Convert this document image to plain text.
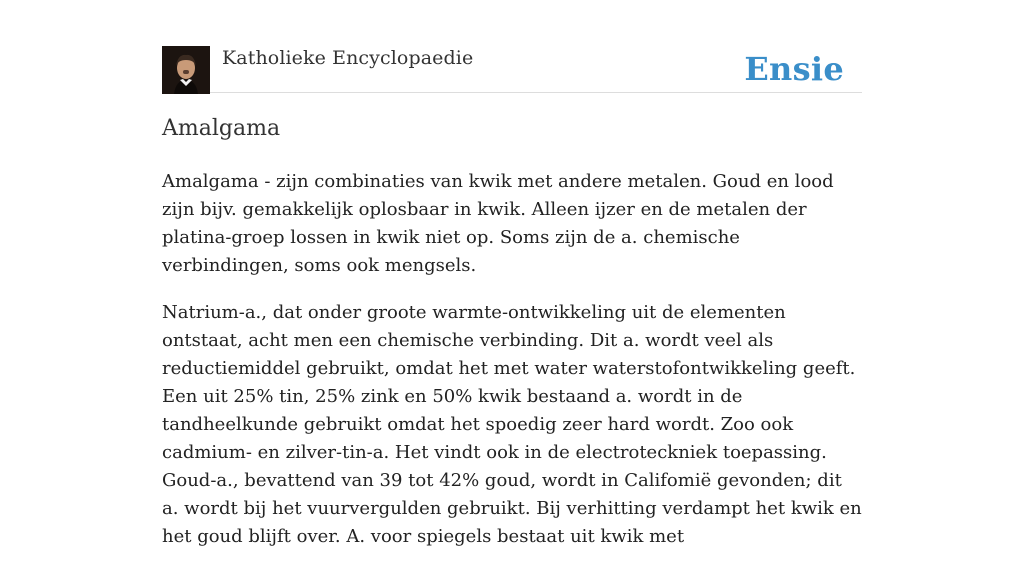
Katholieke Encyclopaedie	Ensie
Amalgama

Amalgama - zijn combinaties van kwik met andere metalen. Goud en lood zijn bijv. gemakkelijk oplosbaar in kwik. Alleen ijzer en de metalen der platina-groep lossen in kwik niet op. Soms zijn de a. chemische verbindingen, soms ook mengsels.

Natrium-a., dat onder groote warmte-ontwikkeling uit de elementen ontstaat, acht men een chemische verbinding. Dit a. wordt veel als reductiemiddel gebruikt, omdat het met water waterstofontwikkeling geeft. Een uit 25% tin, 25% zink en 50% kwik bestaand a. wordt in de tandheelkunde gebruikt omdat het spoedig zeer hard wordt. Zoo ook cadmium- en zilver-tin-a. Het vindt ook in de electroteckniek toepassing. Goud-a., bevattend van 39 tot 42% goud, wordt in Califomië gevonden; dit a. wordt bij het vuurvergulden gebruikt. Bij verhitting verdampt het kwik en het goud blijft over. A. voor spiegels bestaat uit kwik met
